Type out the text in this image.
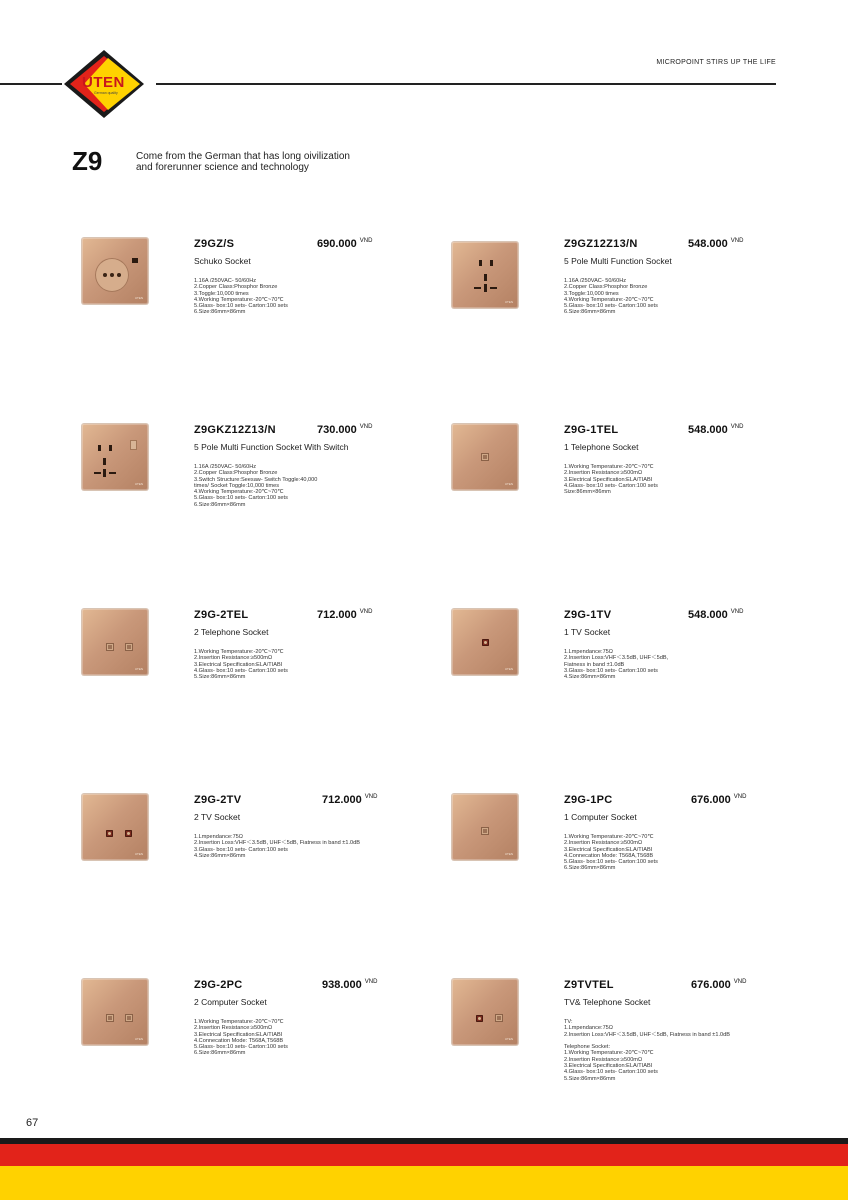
UTEN
German quality
MICROPOINT STIRS UP THE LIFE
Z9	Come from the German that has long oivilization
and forerunner science and technology
UTEN
Z9GZ/S	690.000 $^{VND}$
Schuko Socket
1.16A /250VAC- 50/60Hz
2.Copper Class:Phosphor Bronze
3.Toggle:10,000 times
4.Working Temperature:-20℃~70℃
5.Glass- box:10 sets- Carton:100 sets
6.Size:86mm×86mm
UTEN
Z9GZ12Z13/N	548.000 $^{VND}$
5 Pole Multi Function Socket
1.16A /250VAC- 50/60Hz
2.Copper Class:Phosphor Bronze
3.Toggle:10,000 times
4.Working Temperature:-20℃~70℃
5.Glass- box:10 sets- Carton:100 sets
6.Size:86mm×86mm
UTEN
Z9GKZ12Z13/N	730.000 $^{VND}$
5 Pole Multi Function Socket With Switch
1.16A /250VAC- 50/60Hz
2.Copper Class:Phosphor Bronze
3.Switch Structure:Seesaw- Switch Toggle:40,000
times/ Socket Toggle:10,000 times
4.Working Temperature:-20℃~70℃
5.Glass- box:10 sets- Carton:100 sets
6.Size:86mm×86mm
UTEN
Z9G-1TEL	548.000 $^{VND}$
1 Telephone Socket
1.Working Temperature:-20℃~70℃
2.Insertion Resistance:≥500mΩ
3.Electrical Specification:ELA/TIABI
4.Glass- box:10 sets- Carton:100 sets
Size:86mm×86mm
UTEN
Z9G-2TEL	712.000 $^{VND}$
2 Telephone Socket
1.Working Temperature:-20℃~70℃
2.Insertion Resistance:≥500mΩ
3.Electrical Specification:ELA/TIABI
4.Glass- box:10 sets- Carton:100 sets
5.Size:86mm×86mm
UTEN
Z9G-1TV	548.000 $^{VND}$
1 TV Socket
1.Lmpendance:75Ω
2.Insertion Loss:VHF＜3.5dB, UHF＜5dB,
Fiatness in band ±1.0dB
3.Glass- box:10 sets- Carton:100 sets
4.Size:86mm×86mm
UTEN
Z9G-2TV	712.000 $^{VND}$
2 TV Socket
1.Lmpendance:75Ω
2.Insertion Loss:VHF＜3.5dB, UHF＜5dB, Fiatness in band ±1.0dB
3.Glass- box:10 sets- Carton:100 sets
4.Size:86mm×86mm	UTEN
Z9G-1PC	676.000 $^{VND}$
1 Computer Socket
1.Working Temperature:-20℃~70℃
2.Insertion Resistance:≥500mΩ
3.Electrical Specification:ELA/TIABI
4.Connecation Mode: T568A,T568B
5.Glass- box:10 sets- Carton:100 sets
6.Size:86mm×86mm
UTEN
Z9G-2PC	938.000 $^{VND}$
2 Computer Socket
1.Working Temperature:-20℃~70℃
2.Insertion Resistance:≥500mΩ
3.Electrical Specification:ELA/TIABI
4.Connecation Mode: T568A,T568B
5.Glass- box:10 sets- Carton:100 sets
6.Size:86mm×86mm
UTEN
Z9TVTEL	676.000 $^{VND}$
TV& Telephone Socket
TV:
1.Lmpendance:75Ω
2.Insertion Loss:VHF＜3.5dB, UHF＜5dB, Fiatness in band ±1.0dB
Telephone Socket:
1.Working Temperature:-20℃~70℃
2.Insertion Resistance:≥500mΩ
3.Electrical Specification:ELA/TIABI
4.Glass- box:10 sets- Carton:100 sets
5.Size:86mm×86mm
67
